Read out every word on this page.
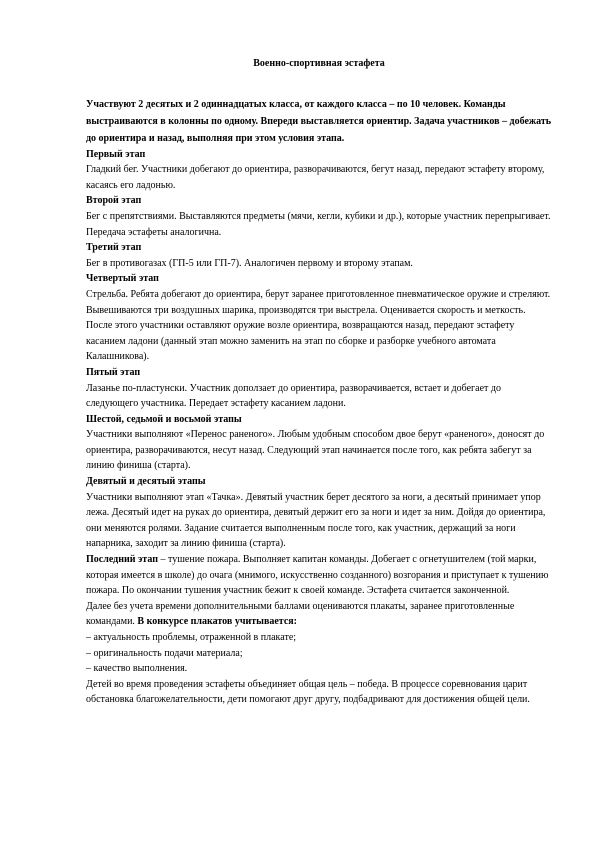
Военно-спортивная эстафета

Участвуют 2 десятых и 2 одиннадцатых класса, от каждого класса – по 10 человек. Команды выстраиваются в колонны по одному. Впереди выставляется ориентир. Задача участников – добежать до ориентира и назад, выполняя при этом условия этапа.

Первый этап

Гладкий бег. Участники добегают до ориентира, разворачиваются, бегут назад, передают эстафету второму, касаясь его ладонью.

Второй этап

Бег с препятствиями. Выставляются предметы (мячи, кегли, кубики и др.), которые участник перепрыгивает. Передача эстафеты аналогична.

Третий этап

Бег в противогазах (ГП-5 или ГП-7). Аналогичен первому и второму этапам.

Четвертый этап

Стрельба. Ребята добегают до ориентира, берут заранее приготовленное пневматическое оружие и стреляют. Вывешиваются три воздушных шарика, производятся три выстрела. Оценивается скорость и меткость. После этого участники оставляют оружие возле ориентира, возвращаются назад, передают эстафету касанием ладони (данный этап можно заменить на этап по сборке и разборке учебного автомата Калашникова).

Пятый этап

Лазанье по-пластунски. Участник доползает до ориентира, разворачивается, встает и добегает до следующего участника. Передает эстафету касанием ладони.

Шестой, седьмой и восьмой этапы

Участники выполняют «Перенос раненого». Любым удобным способом двое берут «раненого», доносят до ориентира, разворачиваются, несут назад. Следующий этап начинается после того, как ребята забегут за линию финиша (старта).

Девятый и десятый этапы

Участники выполняют этап «Тачка». Девятый участник берет десятого за ноги, а десятый принимает упор лежа. Десятый идет на руках до ориентира, девятый держит его за ноги и идет за ним. Дойдя до ориентира, они меняются ролями. Задание считается выполненным после того, как участник, держащий за ноги напарника, заходит за линию финиша (старта).

Последний этап – тушение пожара. Выполняет капитан команды. Добегает с огнетушителем (той марки, которая имеется в школе) до очага (мнимого, искусственно созданного) возгорания и приступает к тушению пожара. По окончании тушения участник бежит к своей команде. Эстафета считается законченной.

Далее без учета времени дополнительными баллами оцениваются плакаты, заранее приготовленные командами. В конкурсе плакатов учитывается:

– актуальность проблемы, отраженной в плакате;
– оригинальность подачи материала;
– качество выполнения.

Детей во время проведения эстафеты объединяет общая цель – победа. В процессе соревнования царит обстановка благожелательности, дети помогают друг другу, подбадривают для достижения общей цели.
